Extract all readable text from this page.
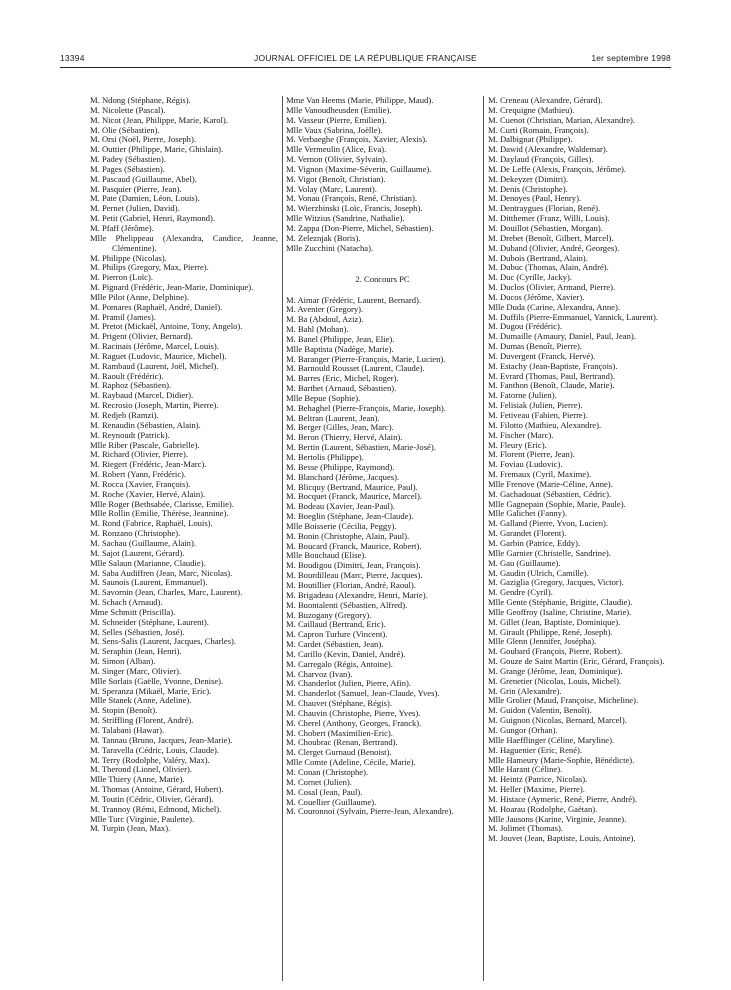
13394	JOURNAL OFFICIEL DE LA RÉPUBLIQUE FRANÇAISE	1er septembre 1998

M. Ndong (Stéphane, Régis).

M. Nicolette (Pascal).

M. Nicot (Jean, Philippe, Marie, Karol).

M. Olie (Sébastien).

M. Orsi (Noël, Pierre, Joseph).

M. Outtier (Philippe, Marie, Ghislain).

M. Padey (Sébastien).

M. Pages (Sébastien).

M. Pascaud (Guillaume, Abel).

M. Pasquier (Pierre, Jean).

M. Pate (Damien, Léon, Louis).

M. Pernet (Julien, David).

M. Petit (Gabriel, Henri, Raymond).

M. Pfaff (Jérôme).

Mlle Phelippeau (Alexandra, Candice, Jeanne, Clémentine).

M. Philippe (Nicolas).

M. Philips (Gregory, Max, Pierre).

M. Pierron (Loïc).

M. Pignard (Frédéric, Jean-Marie, Dominique).

Mlle Pilot (Anne, Delphine).

M. Pomares (Raphaël, André, Daniel).

M. Pramil (James).

M. Pretot (Mickaël, Antoine, Tony, Angelo).

M. Prigent (Olivier, Bernard).

M. Racinais (Jérôme, Marcel, Louis).

M. Raguet (Ludovic, Maurice, Michel).

M. Rambaud (Laurent, Joël, Michel).

M. Raoult (Frédéric).

M. Raphoz (Sébastien).

M. Raybaud (Marcel, Didier).

M. Recrosio (Joseph, Martin, Pierre).

M. Redjeb (Ramzi).

M. Renaudin (Sébastien, Alain).

M. Reynoudt (Patrick).

Mlle Riber (Pascale, Gabrielle).

M. Richard (Olivier, Pierre).

M. Riegert (Frédéric, Jean-Marc).

M. Robert (Yann, Frédéric).

M. Rocca (Xavier, François).

M. Roche (Xavier, Hervé, Alain).

Mlle Roger (Bethsabée, Clarisse, Emilie).

Mlle Rollin (Emilie, Thérèse, Jeannine).

M. Rond (Fabrice, Raphaël, Louis).

M. Ronzano (Christophe).

M. Sachau (Guillaume, Alain).

M. Sajot (Laurent, Gérard).

Mlle Salaun (Marianne, Claudie).

M. Saba Audiffren (Jean, Marc, Nicolas).

M. Saunois (Laurent, Emmanuel).

M. Savornin (Jean, Charles, Marc, Laurent).

M. Schach (Arnaud).

Mme Schmitt (Priscilla).

M. Schneider (Stéphane, Laurent).

M. Selles (Sébastien, José).

M. Sens-Salis (Laurent, Jacques, Charles).

M. Seraphin (Jean, Henri).

M. Simon (Alban).

M. Singer (Marc, Olivier).

Mlle Sorlais (Gaëlle, Yvonne, Denise).

M. Speranza (Mikaël, Marie, Eric).

Mlle Stanek (Anne, Adeline).

M. Stopin (Benoît).

M. Striffling (Florent, André).

M. Talabani (Hawar).

M. Tannau (Bruno, Jacques, Jean-Marie).

M. Taravella (Cédric, Louis, Claude).

M. Terry (Rodolphe, Valéry, Max).

M. Therond (Lionel, Olivier).

Mlle Thiery (Anne, Marie).

M. Thomas (Antoine, Gérard, Hubert).

M. Toutin (Cédric, Olivier, Gérard).

M. Trannoy (Rémi, Edmond, Michel).

Mlle Turc (Virginie, Paulette).

M. Turpin (Jean, Max).

Mme Van Heems (Marie, Philippe, Maud).

Mlle Vanoudheusden (Emilie).

M. Vasseur (Pierre, Emilien).

Mlle Vaux (Sabrina, Joëlle).

M. Verbaeghe (François, Xavier, Alexis).

Mlle Vermeulin (Alice, Eva).

M. Vernon (Olivier, Sylvain).

M. Vignon (Maxime-Séverin, Guillaume).

M. Vigot (Benoît, Christian).

M. Volay (Marc, Laurent).

M. Vonau (François, René, Christian).

M. Wierzbinski (Loïc, Francis, Joseph).

Mlle Witzius (Sandrine, Nathalie).

M. Zappa (Don-Pierre, Michel, Sébastien).

M. Zeleznjak (Boris).

Mlle Zucchini (Natacha).

2. Concours PC

M. Aimar (Frédéric, Laurent, Bernard).

M. Avenier (Gregory).

M. Ba (Abdoul, Aziz).

M. Bahl (Mohan).

M. Banel (Philippe, Jean, Elie).

Mlle Baptista (Nadège, Marie).

M. Baranger (Pierre-François, Marie, Lucien).

M. Barnould Rousset (Laurent, Claude).

M. Barres (Eric, Michel, Roger).

M. Barthet (Arnaud, Sébastien).

Mlle Bepue (Sophie).

M. Behaghel (Pierre-François, Marie, Joseph).

M. Beltran (Laurent, Jean).

M. Berger (Gilles, Jean, Marc).

M. Beron (Thierry, Hervé, Alain).

M. Bertin (Laurent, Sébastien, Marie-José).

M. Bertolis (Philippe).

M. Besse (Philippe, Raymond).

M. Blanchard (Jérôme, Jacques).

M. Blicquy (Bertrand, Maurice, Paul).

M. Bocquet (Franck, Maurice, Marcel).

M. Bodeau (Xavier, Jean-Paul).

M. Boeglin (Stéphane, Jean-Claude).

Mlle Boisserie (Cécilia, Peggy).

M. Bonin (Christophe, Alain, Paul).

M. Boucard (Franck, Maurice, Robert).

Mlle Bouchaud (Elise).

M. Boudigou (Dimitri, Jean, François).

M. Bourdilleau (Marc, Pierre, Jacques).

M. Boutillier (Florian, André, Raoul).

M. Brigadeau (Alexandre, Henri, Marie).

M. Buontalenti (Sébastien, Alfred).

M. Buzogany (Gregory).

M. Caillaud (Bertrand, Eric).

M. Capron Turlure (Vincent).

M. Cardet (Sébastien, Jean).

M. Carillo (Kevin, Daniel, André).

M. Carregalo (Régis, Antoine).

M. Charvoz (Ivan).

M. Chanderlot (Julien, Pierre, Afin).

M. Chanderlot (Samuel, Jean-Claude, Yves).

M. Chauvet (Stéphane, Régis).

M. Chauvin (Christophe, Pierre, Yves).

M. Cherel (Anthony, Georges, Franck).

M. Chobert (Maximilien-Eric).

M. Choubrac (Renan, Bertrand).

M. Clerget Gurnaud (Benoist).

Mlle Comte (Adeline, Cécile, Marie).

M. Conan (Christophe).

M. Cornet (Julien).

M. Cosal (Jean, Paul).

M. Couellier (Guillaume).

M. Couronnoi (Sylvain, Pierre-Jean, Alexandre).

M. Creneau (Alexandre, Gérard).

M. Crequigne (Mathieu).

M. Cuenot (Christian, Marian, Alexandre).

M. Curti (Romain, François).

M. Dalbignat (Philippe).

M. Dawid (Alexandre, Waldemar).

M. Daylaud (François, Gilles).

M. De Leffe (Alexis, François, Jérôme).

M. Dekeyzer (Dimitri).

M. Denis (Christophe).

M. Denoyes (Paul, Henry).

M. Dentraygues (Florian, René).

M. Ditthemer (Franz, Willi, Louis).

M. Douillot (Sébastien, Morgan).

M. Drebet (Benoît, Gilbert, Marcel).

M. Duband (Olivier, André, Georges).

M. Dubois (Bertrand, Alain).

M. Dubuc (Thomas, Alain, André).

M. Duc (Cyrille, Jacky).

M. Duclos (Olivier, Armand, Pierre).

M. Ducos (Jérôme, Xavier).

Mlle Duda (Carine, Alexandra, Anne).

M. Duffils (Pierre-Emmanuel, Yannick, Laurent).

M. Dugou (Frédéric).

M. Dumaille (Amaury, Daniel, Paul, Jean).

M. Dumas (Benoît, Pierre).

M. Duvergent (Franck, Hervé).

M. Estachy (Jean-Baptiste, François).

M. Evrard (Thomas, Paul, Bertrand).

M. Fanthon (Benoît, Claude, Marie).

M. Fatorne (Julien).

M. Felisiak (Julien, Pierre).

M. Fetiveau (Fabien, Pierre).

M. Filotto (Mathieu, Alexandre).

M. Fischer (Marc).

M. Fleury (Eric).

M. Florent (Pierre, Jean).

M. Foviau (Ludovic).

M. Fremaux (Cyril, Maxime).

Mlle Frenove (Marie-Céline, Anne).

M. Gachadouat (Sébastien, Cédric).

Mlle Gagnepain (Sophie, Marie, Paule).

Mlle Galichet (Fanny).

M. Galland (Pierre, Yvon, Lucien).

M. Garandet (Florent).

M. Garbin (Patrice, Eddy).

Mlle Garnier (Christelle, Sandrine).

M. Gau (Guillaume).

M. Gaudin (Ulrich, Camille).

M. Gaziglia (Gregory, Jacques, Victor).

M. Gendre (Cyril).

Mlle Gente (Stéphanie, Brigitte, Claudie).

Mlle Geoffroy (Isaline, Christine, Marie).

M. Gillet (Jean, Baptiste, Dominique).

M. Girault (Philippe, René, Joseph).

Mlle Glenn (Jennifer, Josépha).

M. Goubard (François, Pierre, Robert).

M. Gouze de Saint Martin (Eric, Gérard, François).

M. Grange (Jérôme, Jean, Dominique).

M. Grenetier (Nicolas, Louis, Michel).

M. Grin (Alexandre).

Mlle Grolier (Maud, Françoise, Micheline).

M. Guidon (Valentin, Benoît).

M. Guignon (Nicolas, Bernard, Marcel).

M. Gungor (Orhan).

Mlle Haefflinger (Céline, Maryline).

M. Haguenier (Eric, René).

Mlle Hameury (Marie-Sophie, Bénédicte).

Mlle Harant (Céline).

M. Heintz (Patrice, Nicolas).

M. Heller (Maxime, Pierre).

M. Histace (Aymeric, René, Pierre, André).

M. Hoarau (Rodolphe, Gaëtan).

Mlle Jausons (Karine, Virginie, Jeanne).

M. Jolimet (Thomas).

M. Jouvet (Jean, Baptiste, Louis, Antoine).
